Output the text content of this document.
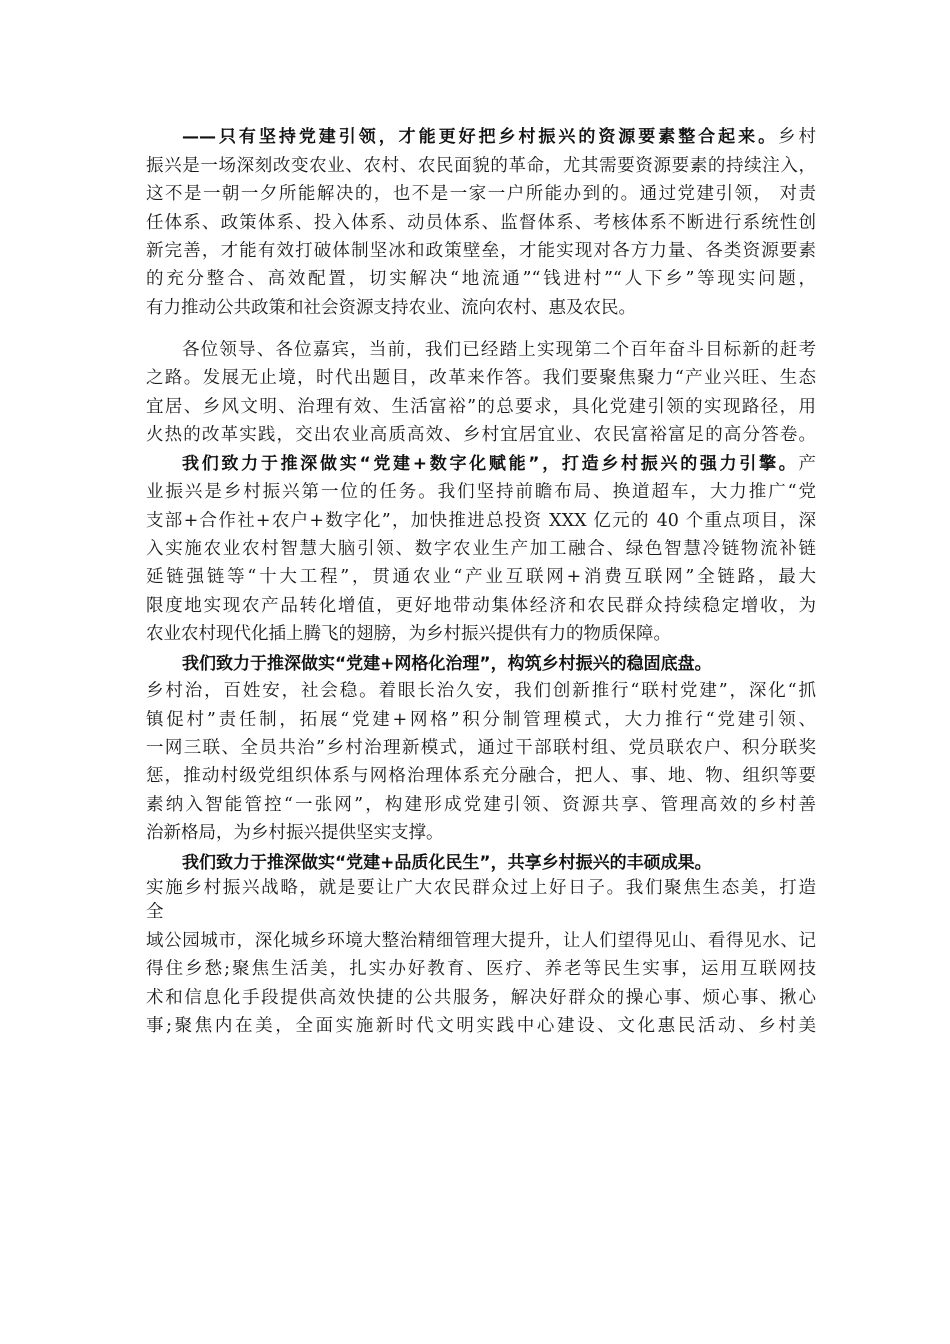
——只有坚持党建引领，才能更好把乡村振兴的资源要素整合起来。乡村
振兴是一场深刻改变农业、农村、农民面貌的革命，尤其需要资源要素的持续注入，
这不是一朝一夕所能解决的，也不是一家一户所能办到的。通过党建引领， 对责
任体系、政策体系、投入体系、动员体系、监督体系、考核体系不断进行系统性创
新完善，才能有效打破体制坚冰和政策壁垒，才能实现对各方力量、各类资源要素
的充分整合、高效配置，切实解决“地流通”“钱进村”“人下乡”等现实问题，
有力推动公共政策和社会资源支持农业、流向农村、惠及农民。
各位领导、各位嘉宾，当前，我们已经踏上实现第二个百年奋斗目标新的赶考
之路。发展无止境，时代出题目，改革来作答。我们要聚焦聚力“产业兴旺、生态
宜居、乡风文明、治理有效、生活富裕”的总要求，具化党建引领的实现路径，用
火热的改革实践，交出农业高质高效、乡村宜居宜业、农民富裕富足的高分答卷。
我们致力于推深做实“党建+数字化赋能”，打造乡村振兴的强力引擎。产
业振兴是乡村振兴第一位的任务。我们坚持前瞻布局、换道超车，大力推广“党
支部+合作社+农户+数字化”，加快推进总投资 XXX 亿元的 40 个重点项目，深
入实施农业农村智慧大脑引领、数字农业生产加工融合、绿色智慧冷链物流补链
延链强链等“十大工程”，贯通农业“产业互联网+消费互联网”全链路，最大
限度地实现农产品转化增值，更好地带动集体经济和农民群众持续稳定增收，为
农业农村现代化插上腾飞的翅膀，为乡村振兴提供有力的物质保障。
我们致力于推深做实“党建+网格化治理”，构筑乡村振兴的稳固底盘。
乡村治，百姓安，社会稳。着眼长治久安，我们创新推行“联村党建”，深化“抓
镇促村”责任制，拓展“党建+网格”积分制管理模式，大力推行“党建引领、
一网三联、全员共治”乡村治理新模式，通过干部联村组、党员联农户、积分联奖
惩，推动村级党组织体系与网格治理体系充分融合，把人、事、地、物、组织等要
素纳入智能管控“一张网”，构建形成党建引领、资源共享、管理高效的乡村善
治新格局，为乡村振兴提供坚实支撑。
我们致力于推深做实“党建+品质化民生”，共享乡村振兴的丰硕成果。
实施乡村振兴战略，就是要让广大农民群众过上好日子。我们聚焦生态美，打造
全
域公园城市，深化城乡环境大整治精细管理大提升，让人们望得见山、看得见水、记
得住乡愁;聚焦生活美，扎实办好教育、医疗、养老等民生实事，运用互联网技
术和信息化手段提供高效快捷的公共服务，解决好群众的操心事、烦心事、揪心
事;聚焦内在美，全面实施新时代文明实践中心建设、文化惠民活动、乡村美
